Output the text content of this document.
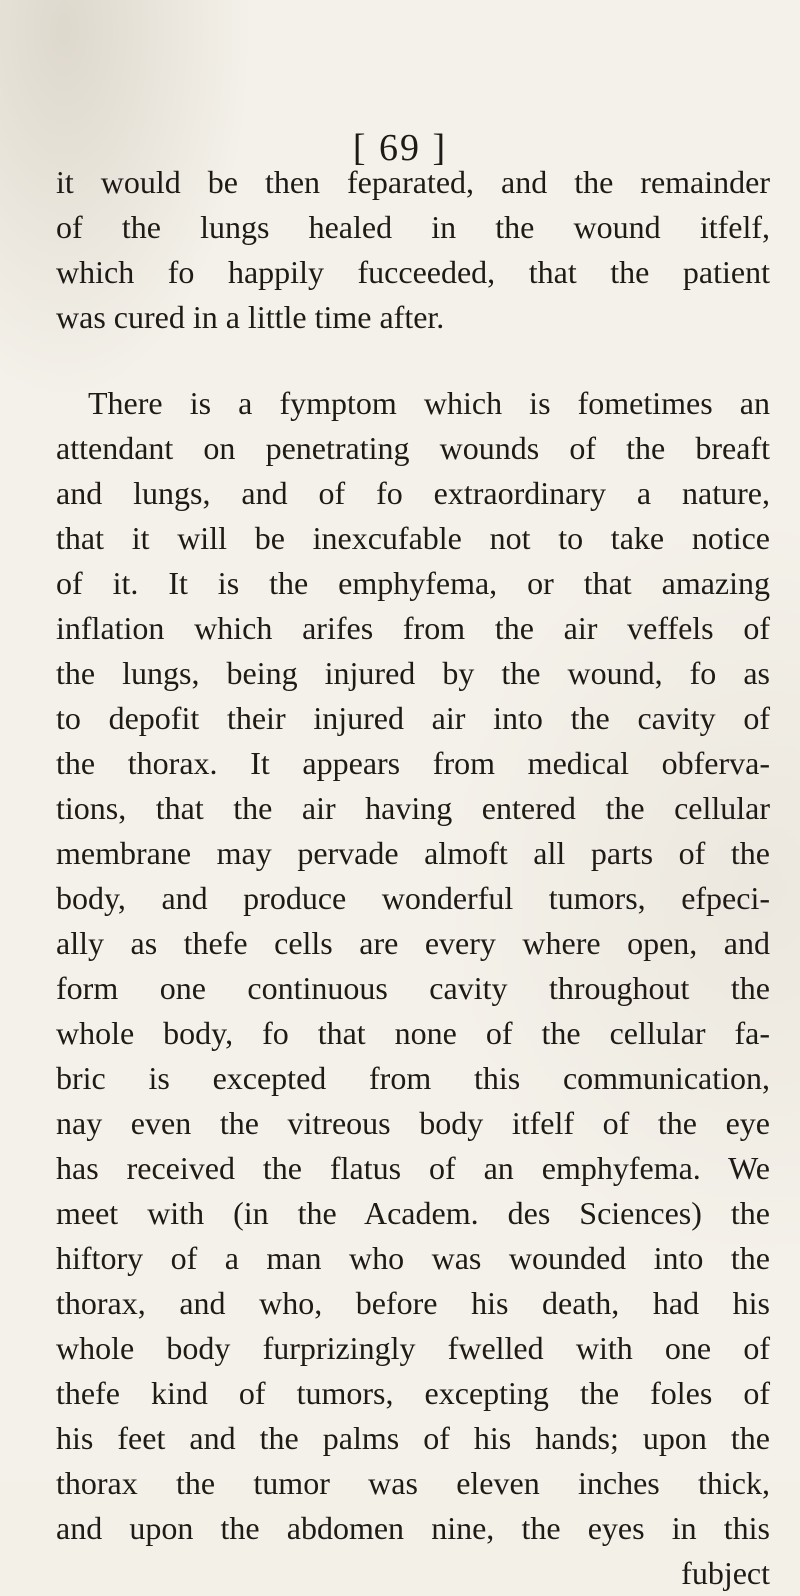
[ 69 ]
it would be then feparated, and the remainder
of the lungs healed in the wound itfelf,
which fo happily fucceeded, that the patient
was cured in a little time after.
There is a fymptom which is fometimes an
attendant on penetrating wounds of the breaft
and lungs, and of fo extraordinary a nature,
that it will be inexcufable not to take notice
of it. It is the emphyfema, or that amazing
inflation which arifes from the air veffels of
the lungs, being injured by the wound, fo as
to depofit their injured air into the cavity of
the thorax. It appears from medical obferva-
tions, that the air having entered the cellular
membrane may pervade almoft all parts of the
body, and produce wonderful tumors, efpeci-
ally as thefe cells are every where open, and
form one continuous cavity throughout the
whole body, fo that none of the cellular fa-
bric is excepted from this communication,
nay even the vitreous body itfelf of the eye
has received the flatus of an emphyfema. We
meet with (in the Academ. des Sciences) the
hiftory of a man who was wounded into the
thorax, and who, before his death, had his
whole body furprizingly fwelled with one of
thefe kind of tumors, excepting the foles of
his feet and the palms of his hands; upon the
thorax the tumor was eleven inches thick,
and upon the abdomen nine, the eyes in this
fubject
